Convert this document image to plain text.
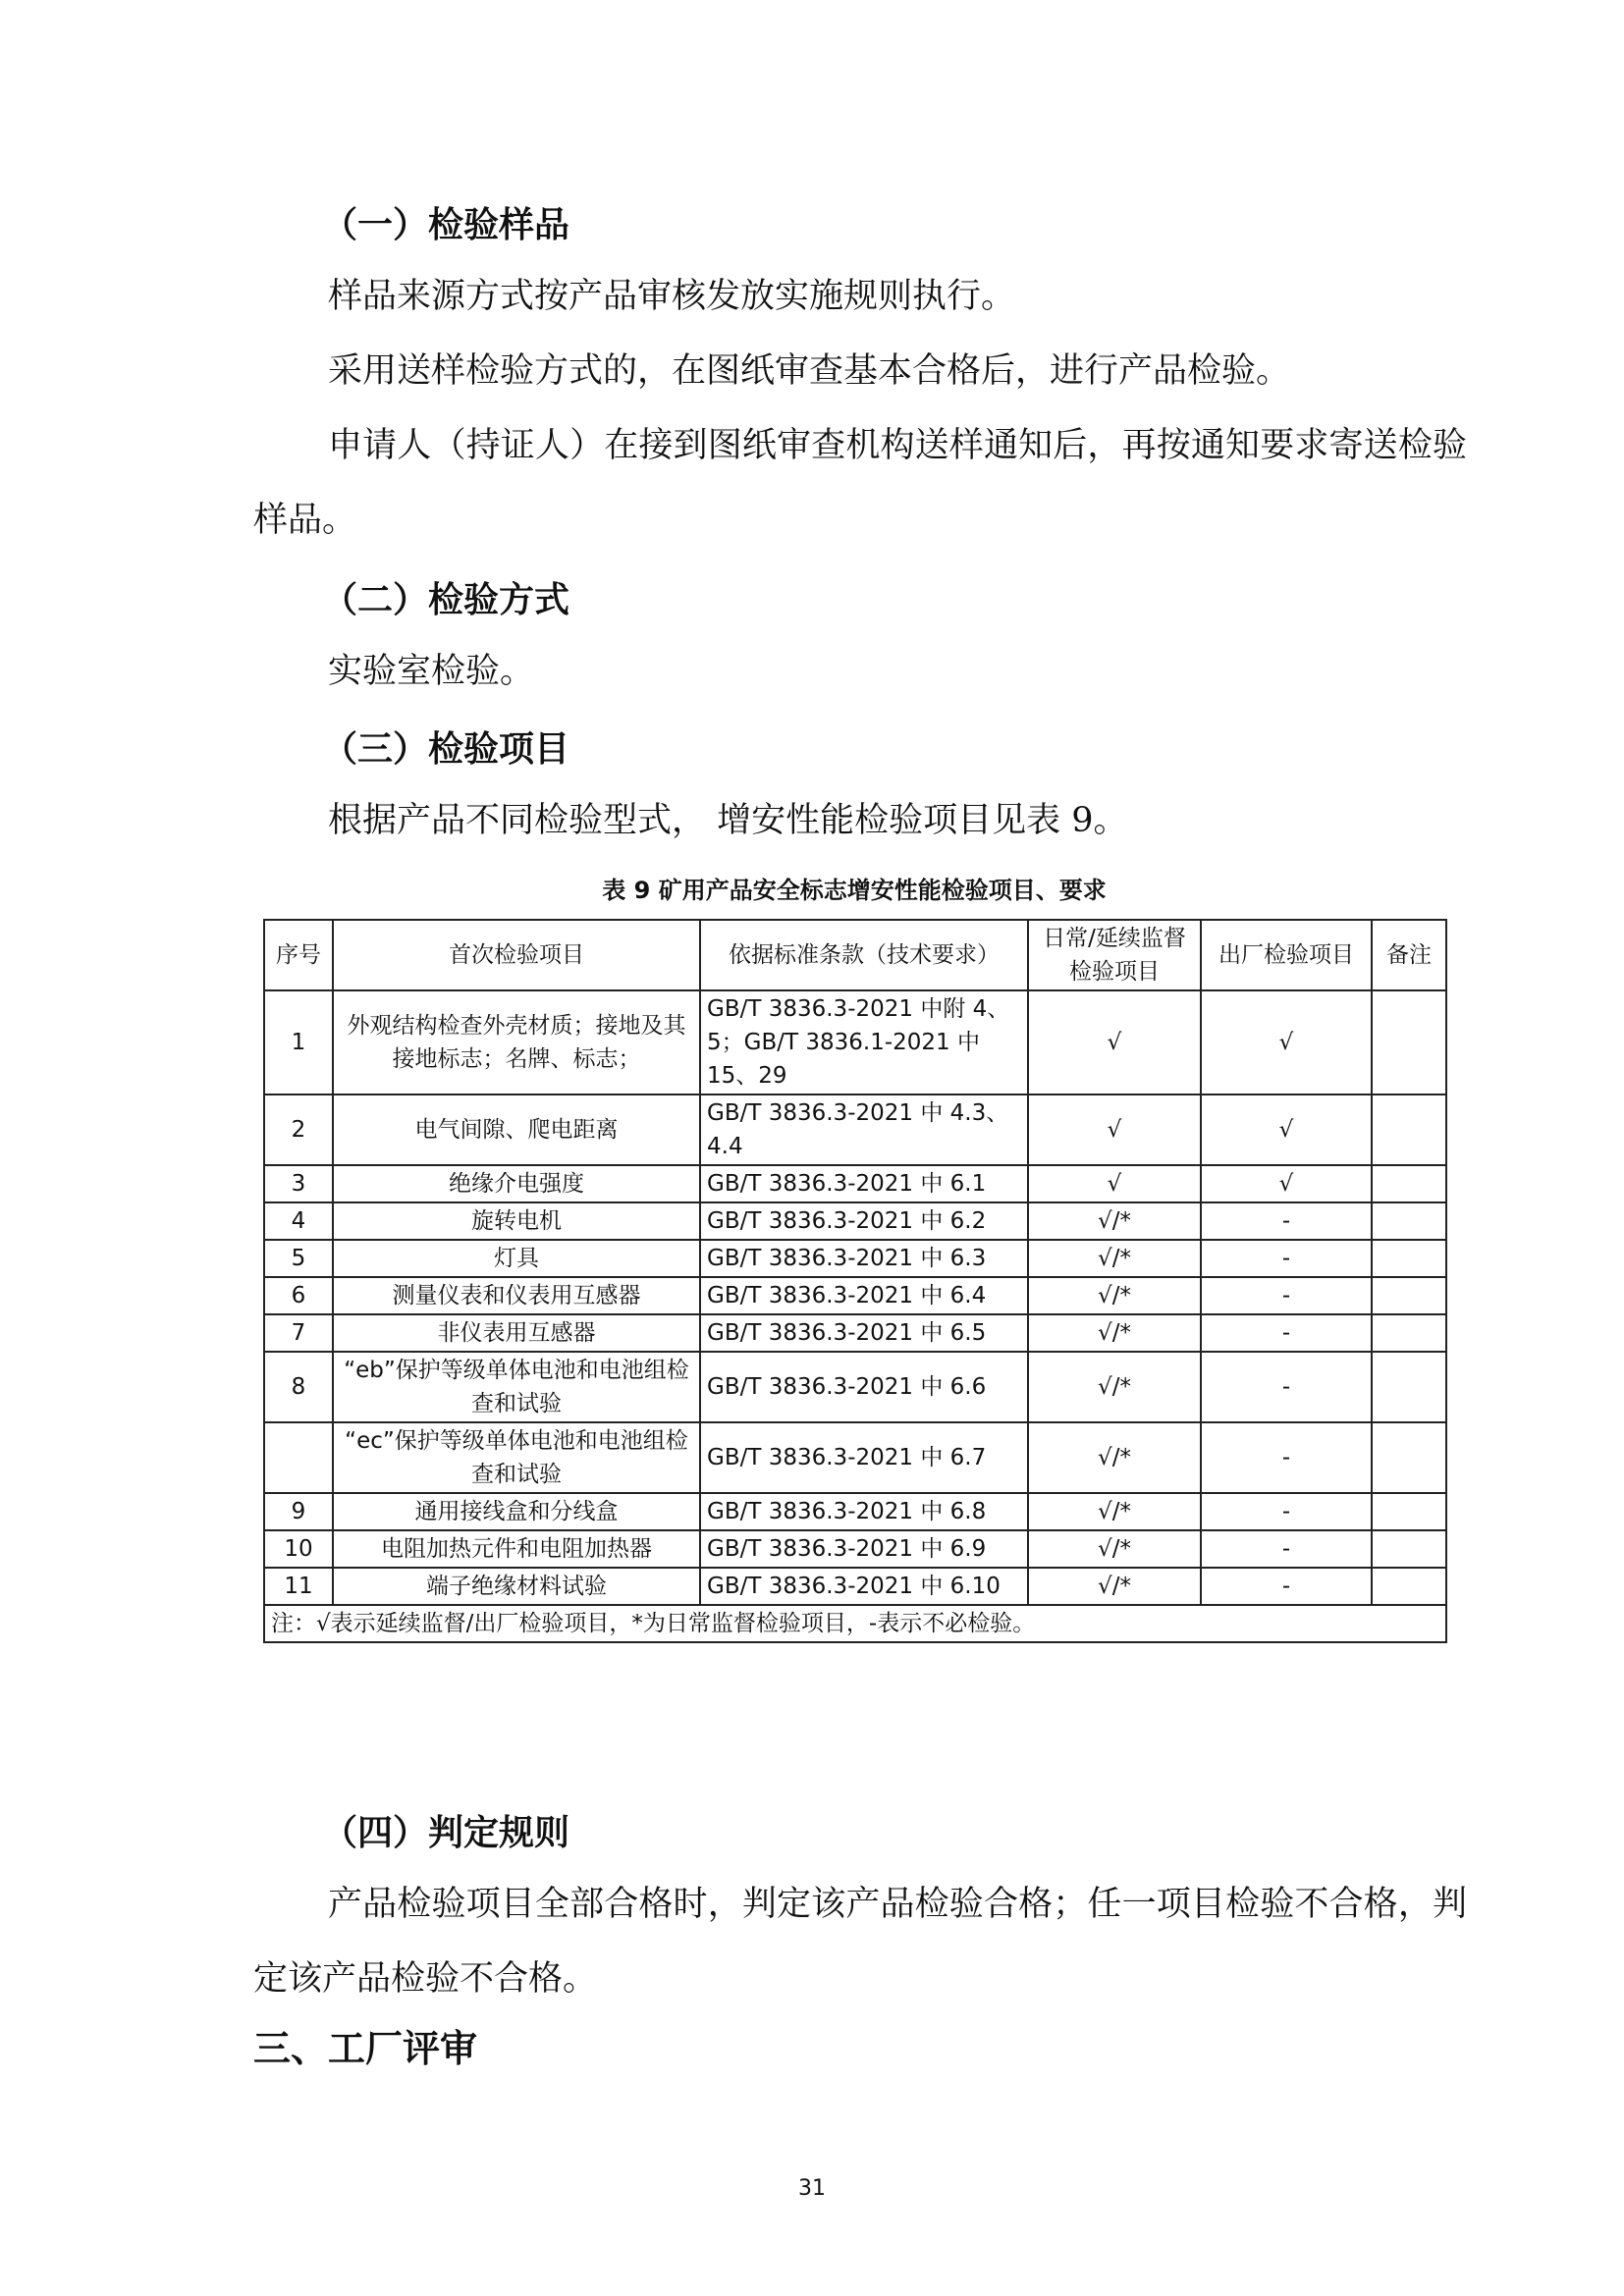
（一）检验样品
样品来源方式按产品审核发放实施规则执行。
采用送样检验方式的，在图纸审查基本合格后，进行产品检验。
申请人（持证人）在接到图纸审查机构送样通知后，再按通知要求寄送检验样品。
（二）检验方式
实验室检验。
（三）检验项目
根据产品不同检验型式， 增安性能检验项目见表 9。
表 9 矿用产品安全标志增安性能检验项目、要求
序号	首次检验项目	依据标准条款（技术要求）	日常/延续监督检验项目	出厂检验项目	备注
1	外观结构检查外壳材质；接地及其接地标志；名牌、标志；	GB/T 3836.3-2021 中附 4、5；GB/T 3836.1-2021 中 15、29	√	√	
2	电气间隙、爬电距离	GB/T 3836.3-2021 中 4.3、4.4	√	√	
3	绝缘介电强度	GB/T 3836.3-2021 中 6.1	√	√	
4	旋转电机	GB/T 3836.3-2021 中 6.2	√/*	-	
5	灯具	GB/T 3836.3-2021 中 6.3	√/*	-	
6	测量仪表和仪表用互感器	GB/T 3836.3-2021 中 6.4	√/*	-	
7	非仪表用互感器	GB/T 3836.3-2021 中 6.5	√/*	-	
8	“eb”保护等级单体电池和电池组检查和试验	GB/T 3836.3-2021 中 6.6	√/*	-	
	“ec”保护等级单体电池和电池组检查和试验	GB/T 3836.3-2021 中 6.7	√/*	-	
9	通用接线盒和分线盒	GB/T 3836.3-2021 中 6.8	√/*	-	
10	电阻加热元件和电阻加热器	GB/T 3836.3-2021 中 6.9	√/*	-	
11	端子绝缘材料试验	GB/T 3836.3-2021 中 6.10	√/*	-	
注：√表示延续监督/出厂检验项目，*为日常监督检验项目，-表示不必检验。					
（四）判定规则
产品检验项目全部合格时，判定该产品检验合格；任一项目检验不合格，判定该产品检验不合格。
三、工厂评审
31
